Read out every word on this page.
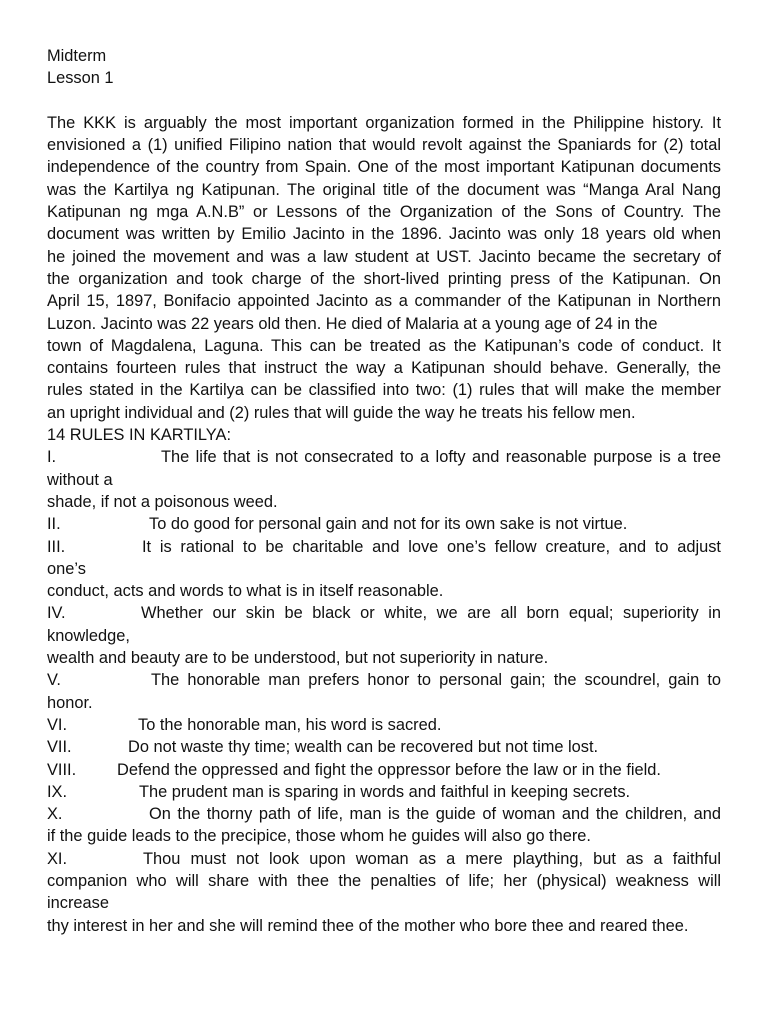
Midterm
Lesson 1
The KKK is arguably the most important organization formed in the Philippine history. It
envisioned a (1) unified Filipino nation that would revolt against the Spaniards for (2) total
independence of the country from Spain. One of the most important Katipunan documents
was the Kartilya ng Katipunan. The original title of the document was “Manga Aral Nang
Katipunan ng mga A.N.B” or Lessons of the Organization of the Sons of Country. The
document was written by Emilio Jacinto in the 1896. Jacinto was only 18 years old when
he joined the movement and was a law student at UST. Jacinto became the secretary of
the organization and took charge of the short-lived printing press of the Katipunan. On
April 15, 1897, Bonifacio appointed Jacinto as a commander of the Katipunan in Northern
Luzon. Jacinto was 22 years old then. He died of Malaria at a young age of 24 in the
town of Magdalena, Laguna. This can be treated as the Katipunan’s code of conduct. It
contains fourteen rules that instruct the way a Katipunan should behave. Generally, the
rules stated in the Kartilya can be classified into two: (1) rules that will make the member
an upright individual and (2) rules that will guide the way he treats his fellow men.
14 RULES IN KARTILYA:
I.	The life that is not consecrated to a lofty and reasonable purpose is a tree
without a
shade, if not a poisonous weed.
II.	To do good for personal gain and not for its own sake is not virtue.
III.	It is rational to be charitable and love one’s fellow creature, and to adjust
one’s
conduct, acts and words to what is in itself reasonable.
IV.	Whether our skin be black or white, we are all born equal; superiority in
knowledge,
wealth and beauty are to be understood, but not superiority in nature.
V.	The honorable man prefers honor to personal gain; the scoundrel, gain to
honor.
VI.	To the honorable man, his word is sacred.
VII.	Do not waste thy time; wealth can be recovered but not time lost.
VIII.	Defend the oppressed and fight the oppressor before the law or in the field.
IX.	The prudent man is sparing in words and faithful in keeping secrets.
X.	On the thorny path of life, man is the guide of woman and the children, and
if the guide leads to the precipice, those whom he guides will also go there.
XI.	Thou must not look upon woman as a mere plaything, but as a faithful
companion who will share with thee the penalties of life; her (physical) weakness will
increase
thy interest in her and she will remind thee of the mother who bore thee and reared thee.
